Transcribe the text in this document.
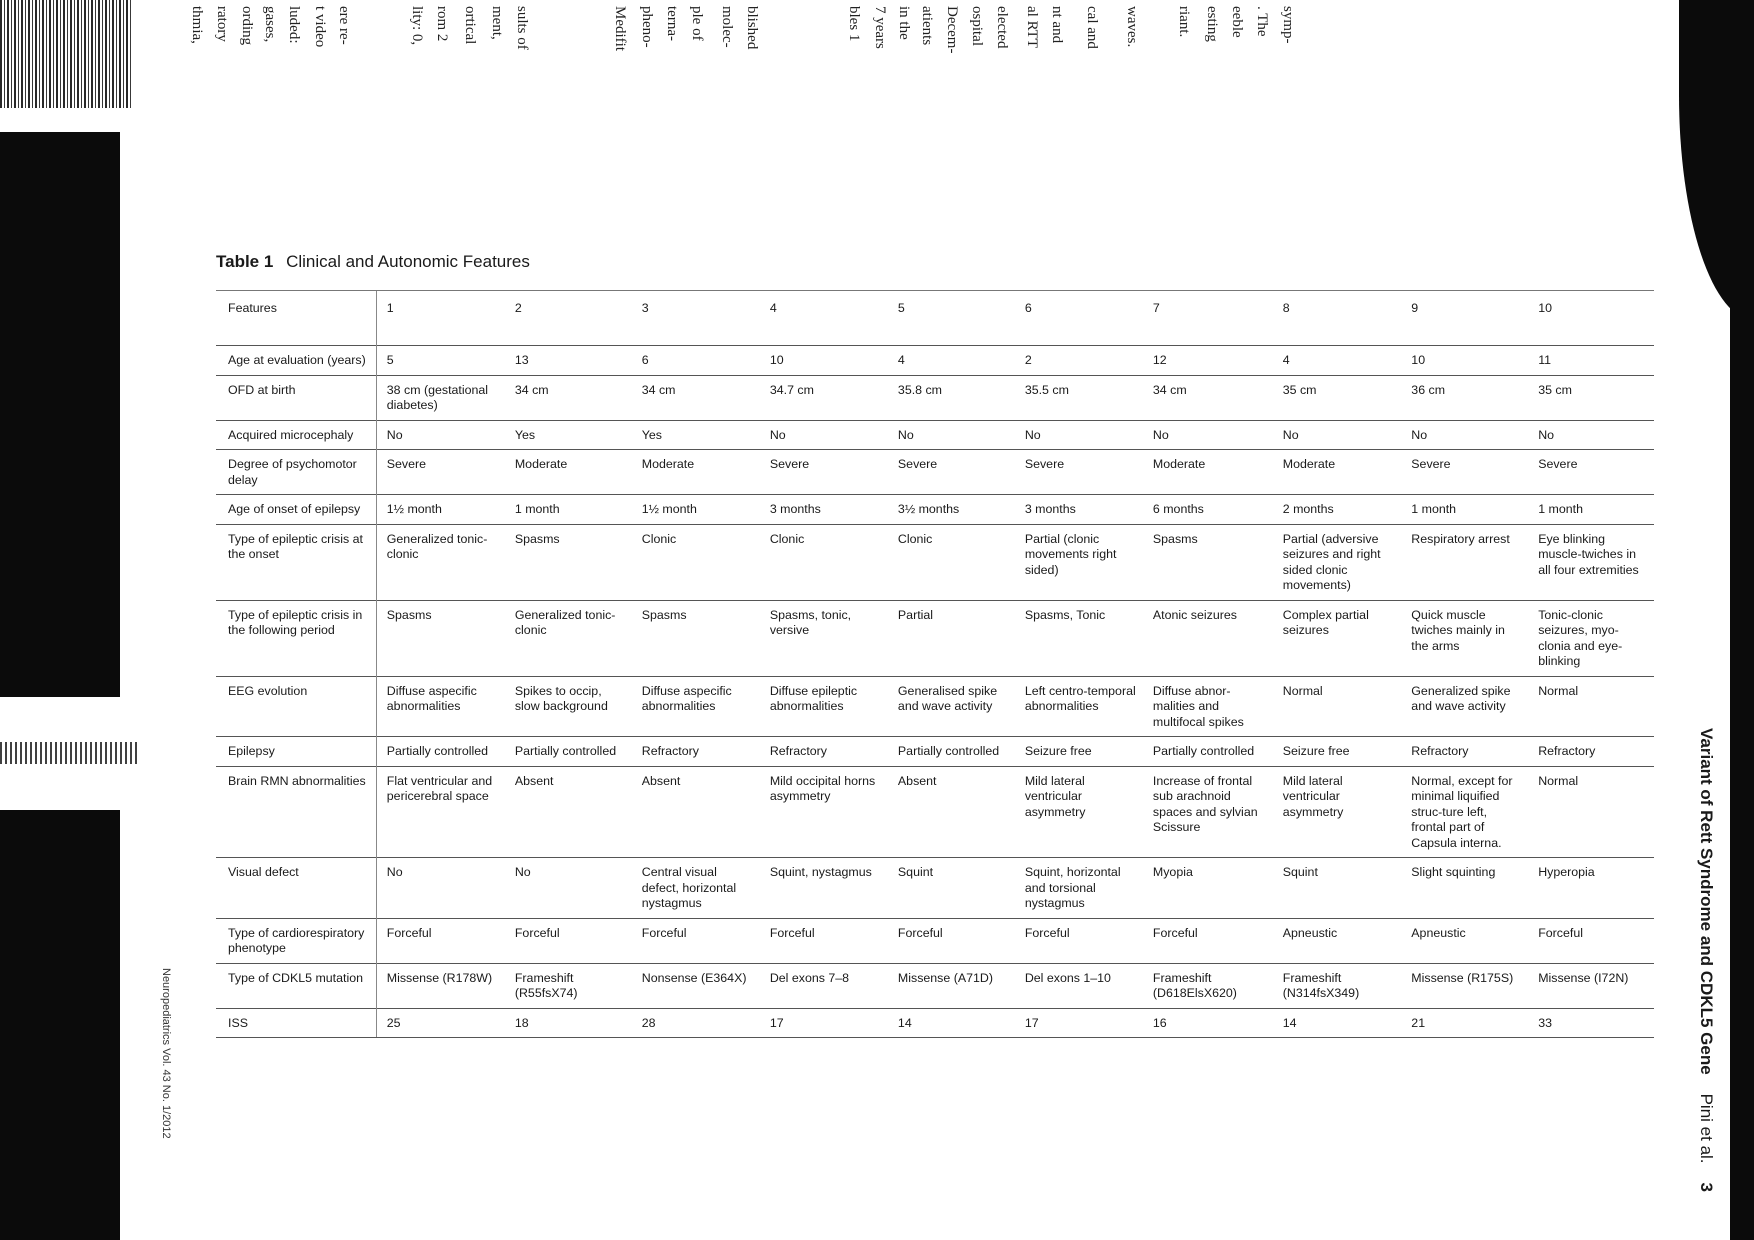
thmia, ratory ording gases, luded: t video ere re-	lity: 0, rom 2 ortical ment, sults of	Medifit pheno- terna- ple of molec- blished	bles 1 7 years in the atients Decem- ospital elected al RTT nt and cal and waves. riant. esting eeble . The symp-
Variant of Rett Syndrome and CDKL5 Gene    Pini et al.    3
Neuropediatrics Vol. 43 No. 1/2012
Table 1 Clinical and Autonomic Features
Features	1	2	3	4	5	6	7	8	9	10
Age at evaluation (years)	5	13	6	10	4	2	12	4	10	11
OFD at birth	38 cm (gestational diabetes)	34 cm	34 cm	34.7 cm	35.8 cm	35.5 cm	34 cm	35 cm	36 cm	35 cm
Acquired microcephaly	No	Yes	Yes	No	No	No	No	No	No	No
Degree of psychomotor delay	Severe	Moderate	Moderate	Severe	Severe	Severe	Moderate	Moderate	Severe	Severe
Age of onset of epilepsy	1½ month	1 month	1½ month	3 months	3½ months	3 months	6 months	2 months	1 month	1 month
Type of epileptic crisis at the onset	Generalized tonic-clonic	Spasms	Clonic	Clonic	Clonic	Partial (clonic movements right sided)	Spasms	Partial (adversive seizures and right sided clonic movements)	Respiratory arrest	Eye blinking muscle-twiches in all four extremities
Type of epileptic crisis in the following period	Spasms	Generalized tonic-clonic	Spasms	Spasms, tonic, versive	Partial	Spasms, Tonic	Atonic seizures	Complex partial seizures	Quick muscle twiches mainly in the arms	Tonic-clonic seizures, myo-clonia and eye-blinking
EEG evolution	Diffuse aspecific abnormalities	Spikes to occip, slow background	Diffuse aspecific abnormalities	Diffuse epileptic abnormalities	Generalised spike and wave activity	Left centro-temporal abnormalities	Diffuse abnor-malities and multifocal spikes	Normal	Generalized spike and wave activity	Normal
Epilepsy	Partially controlled	Partially controlled	Refractory	Refractory	Partially controlled	Seizure free	Partially controlled	Seizure free	Refractory	Refractory
Brain RMN abnormalities	Flat ventricular and pericerebral space	Absent	Absent	Mild occipital horns asymmetry	Absent	Mild lateral ventricular asymmetry	Increase of frontal sub arachnoid spaces and sylvian Scissure	Mild lateral ventricular asymmetry	Normal, except for minimal liquified struc-ture left, frontal part of Capsula interna.	Normal
Visual defect	No	No	Central visual defect, horizontal nystagmus	Squint, nystagmus	Squint	Squint, horizontal and torsional nystagmus	Myopia	Squint	Slight squinting	Hyperopia
Type of cardiorespiratory phenotype	Forceful	Forceful	Forceful	Forceful	Forceful	Forceful	Forceful	Apneustic	Apneustic	Forceful
Type of CDKL5 mutation	Missense (R178W)	Frameshift (R55fsX74)	Nonsense (E364X)	Del exons 7–8	Missense (A71D)	Del exons 1–10	Frameshift (D618ElsX620)	Frameshift (N314fsX349)	Missense (R175S)	Missense (I72N)
ISS	25	18	28	17	14	17	16	14	21	33
